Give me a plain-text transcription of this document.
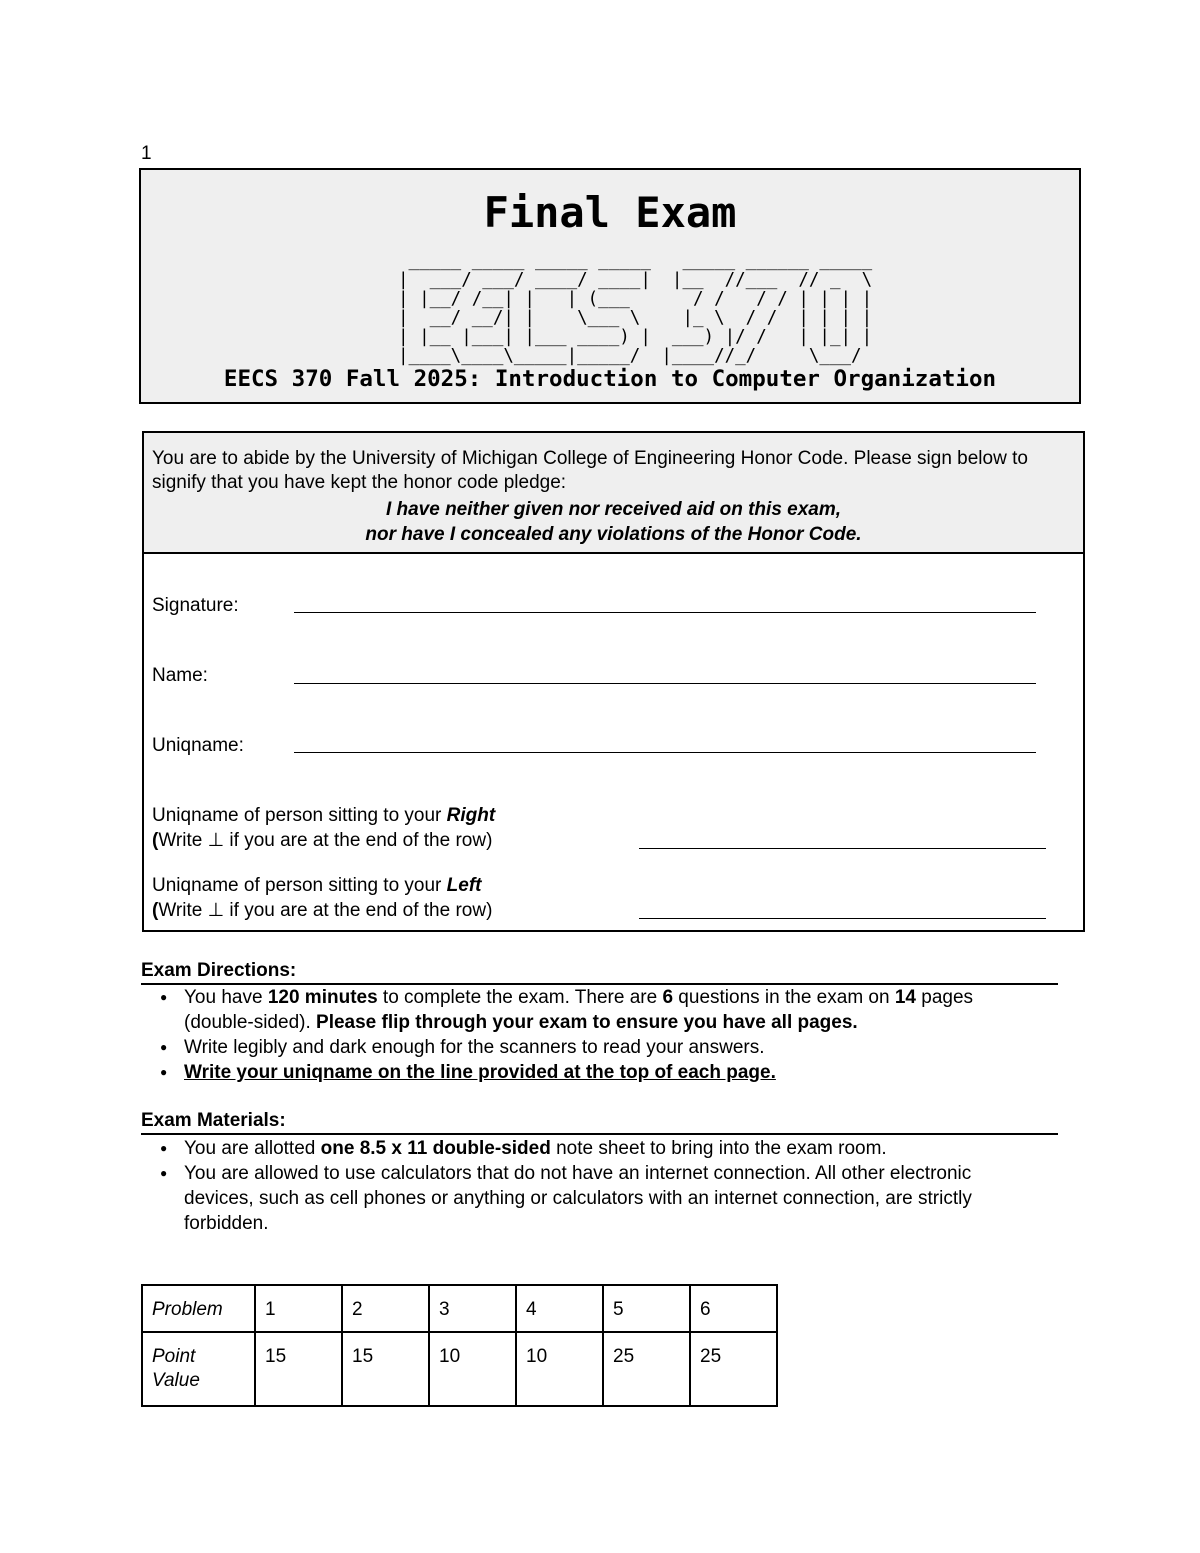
1
Final Exam
EECS 370 Fall 2025: Introduction to Computer Organization
_____ _____ _____ _____   _____ ______ _____
|  ___/ ___/ ____/ ____|  |__  //___  // _  \
| |__/ /__| |   | (___      / /   / / | | | |
|  __/ __/| |    \___ \    |_ \  / /  | | | |
| |__ |___| |___ ____) |  ___) |/ /   | |_| |
|____\____\_____|_____/  |____//_/     \___/
You are to abide by the University of Michigan College of Engineering Honor Code. Please sign below to signify that you have kept the honor code pledge:
I have neither given nor received aid on this exam,
nor have I concealed any violations of the Honor Code.
Signature:
Name:
Uniqname:
Uniqname of person sitting to your Right
(Write ⊥ if you are at the end of the row)
Uniqname of person sitting to your Left
(Write ⊥ if you are at the end of the row)
Exam Directions:
● You have 120 minutes to complete the exam. There are 6 questions in the exam on 14 pages (double-sided). Please flip through your exam to ensure you have all pages.
● Write legibly and dark enough for the scanners to read your answers.
● Write your uniqname on the line provided at the top of each page.
Exam Materials:
● You are allotted one 8.5 x 11 double-sided note sheet to bring into the exam room.
● You are allowed to use calculators that do not have an internet connection. All other electronic devices, such as cell phones or anything or calculators with an internet connection, are strictly forbidden.
Problem	1	2	3	4	5	6
Point Value	15	15	10	10	25	25
